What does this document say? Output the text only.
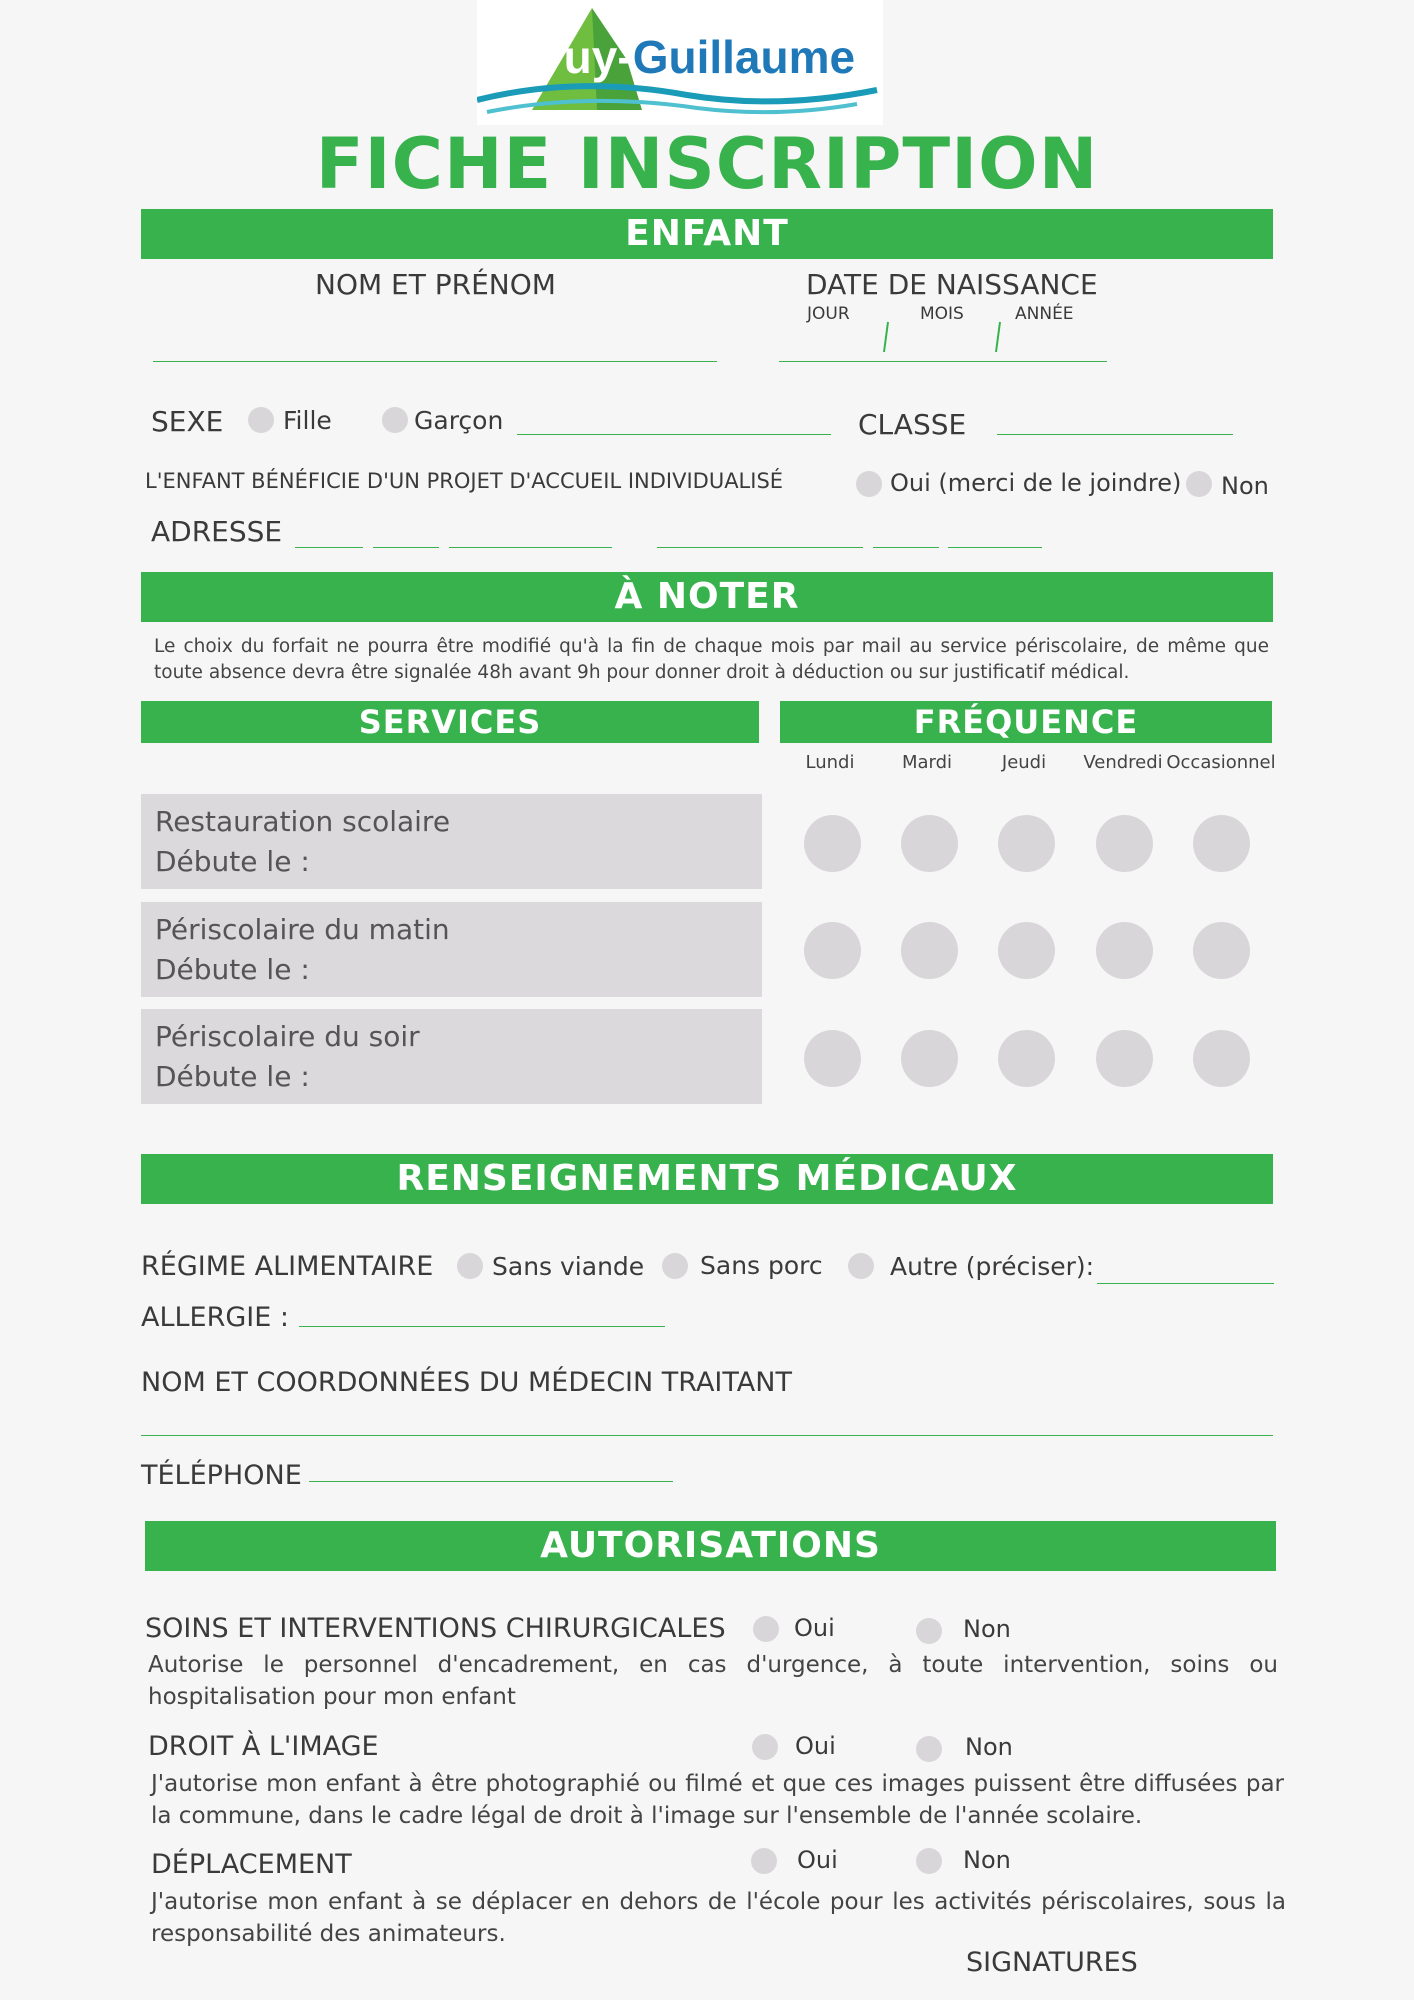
Puy-Guillaume
FICHE INSCRIPTION
ENFANT
NOM ET PRÉNOM	DATE DE NAISSANCE
JOUR	MOIS	ANNÉE
SEXE Fille	Garçon	CLASSE
L'ENFANT BÉNÉFICIE D'UN PROJET D'ACCUEIL INDIVIDUALISÉ	Oui (merci de le joindre) Non
ADRESSE
À NOTER
Le choix du forfait ne pourra être modifié qu'à la fin de chaque mois par mail au service périscolaire, de même que toute absence devra être signalée 48h avant 9h pour donner droit à déduction ou sur justificatif médical.
SERVICES	FRÉQUENCE
Lundi	Mardi	Jeudi	Vendredi Occasionnel
Restauration scolaire
Débute le :
Périscolaire du matin
Débute le :
Périscolaire du soir
Débute le :
RENSEIGNEMENTS MÉDICAUX
RÉGIME ALIMENTAIRE Sans viande Sans porc	Autre (préciser):
ALLERGIE :
NOM ET COORDONNÉES DU MÉDECIN TRAITANT
TÉLÉPHONE
AUTORISATIONS
SOINS ET INTERVENTIONS CHIRURGICALES	Oui	Non
Autorise le personnel d'encadrement, en cas d'urgence, à toute intervention, soins ou hospitalisation pour mon enfant
DROIT À L'IMAGE	Oui	Non
J'autorise mon enfant à être photographié ou filmé et que ces images puissent être diffusées par la commune, dans le cadre légal de droit à l'image sur l'ensemble de l'année scolaire.
DÉPLACEMENT	Oui	Non
J'autorise mon enfant à se déplacer en dehors de l'école pour les activités périscolaires, sous la responsabilité des animateurs.
SIGNATURES
